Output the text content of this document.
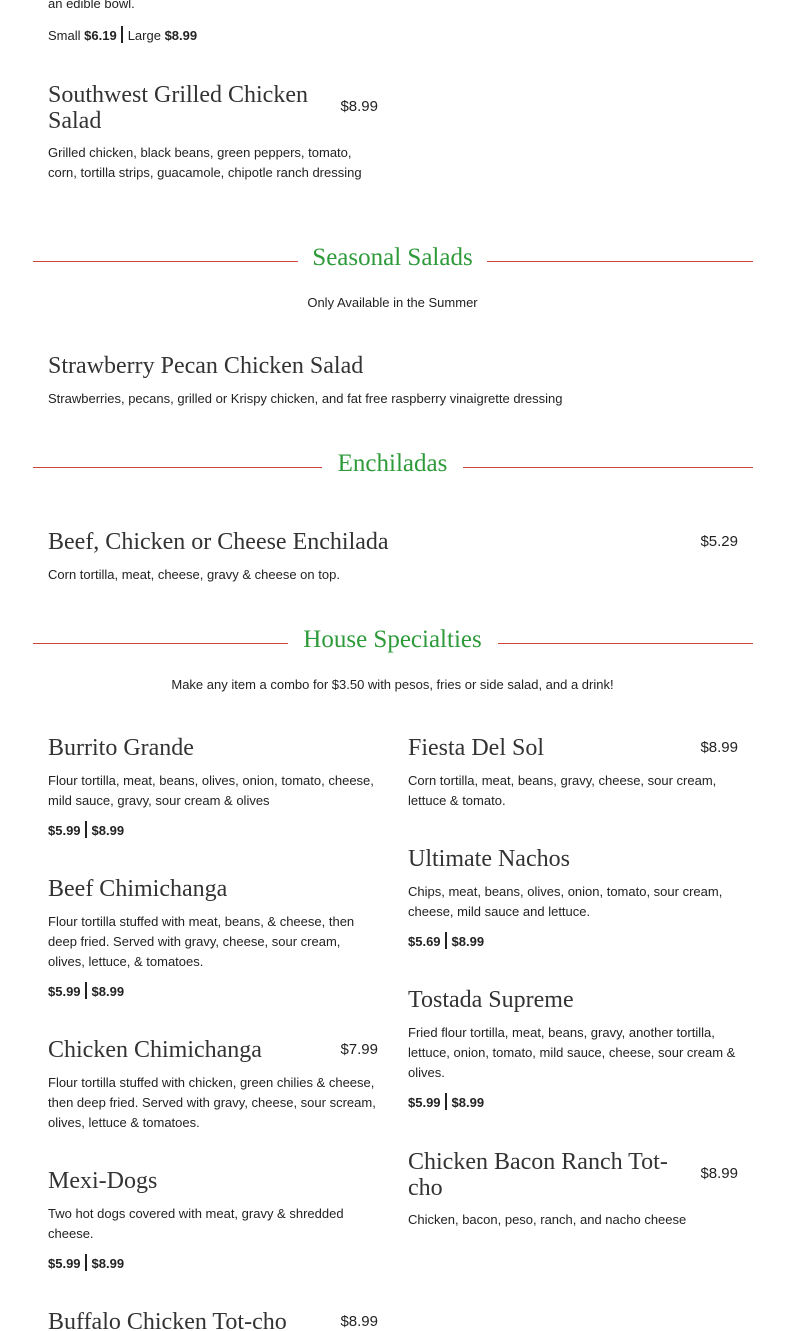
an edible bowl.
Small $6.19 Large $8.99
Southwest Grilled Chicken Salad
$8.99
Grilled chicken, black beans, green peppers, tomato, corn, tortilla strips, guacamole, chipotle ranch dressing
Seasonal Salads
Only Available in the Summer
Strawberry Pecan Chicken Salad
Strawberries, pecans, grilled or Krispy chicken, and fat free raspberry vinaigrette dressing
Enchiladas
Beef, Chicken or Cheese Enchilada	$5.29
Corn tortilla, meat, cheese, gravy & cheese on top.
House Specialties
Make any item a combo for $3.50 with pesos, fries or side salad, and a drink!
Burrito Grande
Flour tortilla, meat, beans, olives, onion, tomato, cheese, mild sauce, gravy, sour cream & olives
$5.99 $8.99
Beef Chimichanga
Flour tortilla stuffed with meat, beans, & cheese, then deep fried. Served with gravy, cheese, sour cream, olives, lettuce, & tomatoes.
$5.99 $8.99
Chicken Chimichanga	$7.99
Flour tortilla stuffed with chicken, green chilies & cheese, then deep fried. Served with gravy, cheese, sour scream, olives, lettuce & tomatoes.
Mexi-Dogs
Two hot dogs covered with meat, gravy & shredded cheese.
$5.99 $8.99
Buffalo Chicken Tot-cho	$8.99
Fiesta Del Sol	$8.99
Corn tortilla, meat, beans, gravy, cheese, sour cream, lettuce & tomato.
Ultimate Nachos
Chips, meat, beans, olives, onion, tomato, sour cream, cheese, mild sauce and lettuce.
$5.69 $8.99
Tostada Supreme
Fried flour tortilla, meat, beans, gravy, another tortilla, lettuce, onion, tomato, mild sauce, cheese, sour cream & olives.
$5.99 $8.99
Chicken Bacon Ranch Tot-cho
$8.99
Chicken, bacon, peso, ranch, and nacho cheese
